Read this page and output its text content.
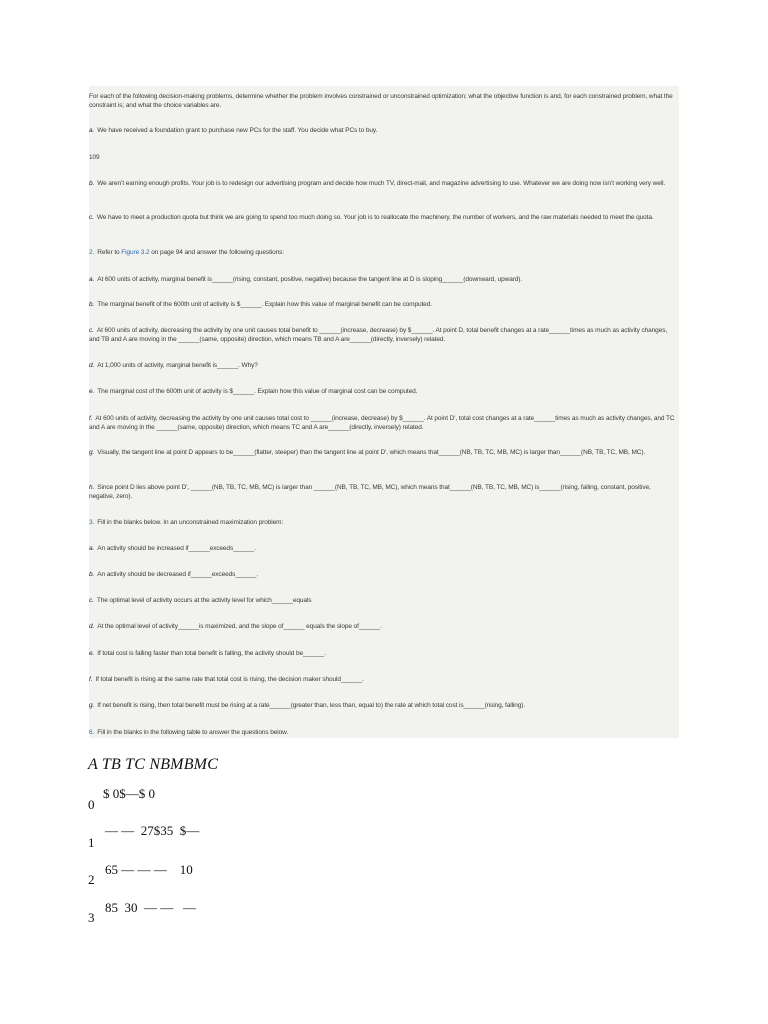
For each of the following decision-making problems, determine whether the problem involves constrained or unconstrained optimization; what the objective function is and, for each constrained problem, what the constraint is; and what the choice variables are.
a. We have received a foundation grant to purchase new PCs for the staff. You decide what PCs to buy.
109
b. We aren’t earning enough profits. Your job is to redesign our advertising program and decide how much TV, direct-mail, and magazine advertising to use. Whatever we are doing now isn’t working very well.
c. We have to meet a production quota but think we are going to spend too much doing so. Your job is to reallocate the machinery, the number of workers, and the raw materials needed to meet the quota.
2. Refer to Figure 3.2 on page 94 and answer the following questions:
a. At 600 units of activity, marginal benefit is______(rising, constant, positive, negative) because the tangent line at D is sloping______(downward, upward).
b. The marginal benefit of the 600th unit of activity is $______. Explain how this value of marginal benefit can be computed.
c. At 600 units of activity, decreasing the activity by one unit causes total benefit to ______(increase, decrease) by $______. At point D, total benefit changes at a rate______times as much as activity changes, and TB and A are moving in the ______(same, opposite) direction, which means TB and A are______(directly, inversely) related.
d. At 1,000 units of activity, marginal benefit is______. Why?
e. The marginal cost of the 600th unit of activity is $______. Explain how this value of marginal cost can be computed.
f. At 600 units of activity, decreasing the activity by one unit causes total cost to ______(increase, decrease) by $______. At point D', total cost changes at a rate______times as much as activity changes, and TC and A are moving in the ______(same, opposite) direction, which means TC and A are______(directly, inversely) related.
g. Visually, the tangent line at point D appears to be______(flatter, steeper) than the tangent line at point D', which means that______(NB, TB, TC, MB, MC) is larger than______(NB, TB, TC, MB, MC).
h. Since point D lies above point D', ______(NB, TB, TC, MB, MC) is larger than ______(NB, TB, TC, MB, MC), which means that______(NB, TB, TC, MB, MC) is______(rising, falling, constant, positive, negative, zero).
3. Fill in the blanks below. In an unconstrained maximization problem:
a. An activity should be increased if______exceeds______.
b. An activity should be decreased if______exceeds______.
c. The optimal level of activity occurs at the activity level for which______equals
d. At the optimal level of activity______is maximized, and the slope of______ equals the slope of______.
e. If total cost is falling faster than total benefit is falling, the activity should be______.
f. If total benefit is rising at the same rate that total cost is rising, the decision maker should______.
g. If net benefit is rising, then total benefit must be rising at a rate______(greater than, less than, equal to) the rate at which total cost is______(rising, falling).
6. Fill in the blanks in the following table to answer the questions below.
A TB TC NBMBMC
0
$ 0$—$ 0
1
— —  27$35  $—
2
65 — — —    10
3
85  30  — —   —
